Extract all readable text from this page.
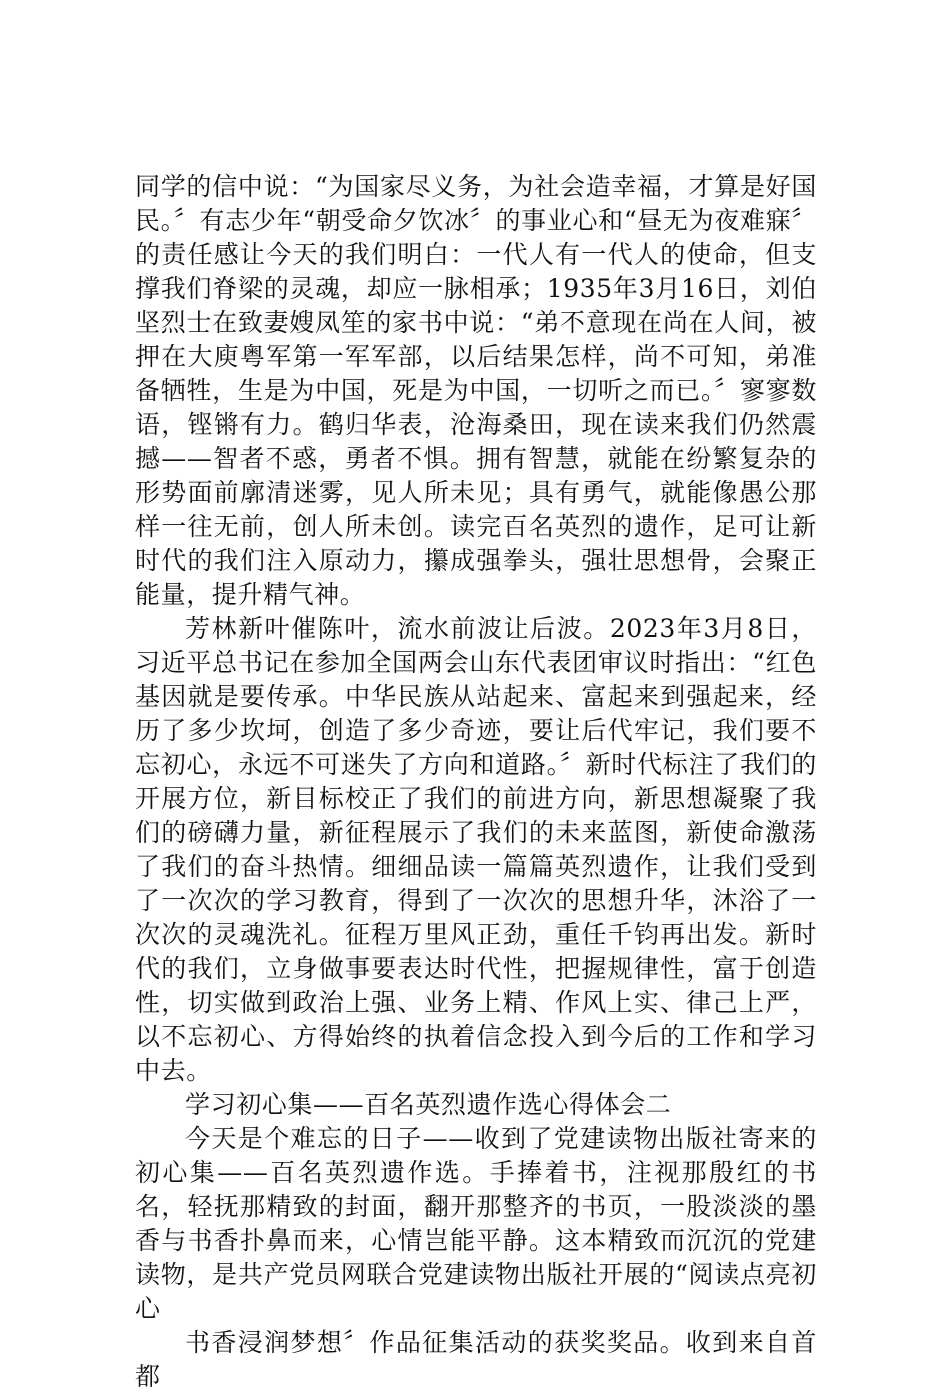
同学的信中说：“为国家尽义务，为社会造幸福，才算是好国民。〞有志少年“朝受命夕饮冰〞的事业心和“昼无为夜难寐〞的责任感让今天的我们明白：一代人有一代人的使命，但支撑我们脊梁的灵魂，却应一脉相承；1935年3月16日，刘伯坚烈士在致妻嫂凤笙的家书中说：“弟不意现在尚在人间，被押在大庾粤军第一军军部，以后结果怎样，尚不可知，弟准备牺牲，生是为中国，死是为中国，一切听之而已。〞寥寥数语，铿锵有力。鹤归华表，沧海桑田，现在读来我们仍然震撼——智者不惑，勇者不惧。拥有智慧，就能在纷繁复杂的形势面前廓清迷雾，见人所未见；具有勇气，就能像愚公那样一往无前，创人所未创。读完百名英烈的遗作，足可让新时代的我们注入原动力，攥成强拳头，强壮思想骨，会聚正能量，提升精气神。

芳林新叶催陈叶，流水前波让后波。2023年3月8日，习近平总书记在参加全国两会山东代表团审议时指出：“红色基因就是要传承。中华民族从站起来、富起来到强起来，经历了多少坎坷，创造了多少奇迹，要让后代牢记，我们要不忘初心，永远不可迷失了方向和道路。〞新时代标注了我们的开展方位，新目标校正了我们的前进方向，新思想凝聚了我们的磅礴力量，新征程展示了我们的未来蓝图，新使命激荡了我们的奋斗热情。细细品读一篇篇英烈遗作，让我们受到了一次次的学习教育，得到了一次次的思想升华，沐浴了一次次的灵魂洗礼。征程万里风正劲，重任千钧再出发。新时代的我们，立身做事要表达时代性，把握规律性，富于创造性，切实做到政治上强、业务上精、作风上实、律己上严，以不忘初心、方得始终的执着信念投入到今后的工作和学习中去。

学习初心集——百名英烈遗作选心得体会二

今天是个难忘的日子——收到了党建读物出版社寄来的初心集——百名英烈遗作选。手捧着书，注视那殷红的书名，轻抚那精致的封面，翻开那整齐的书页，一股淡淡的墨香与书香扑鼻而来，心情岂能平静。这本精致而沉沉的党建读物，是共产党员网联合党建读物出版社开展的“阅读点亮初心

书香浸润梦想〞作品征集活动的获奖奖品。收到来自首都
